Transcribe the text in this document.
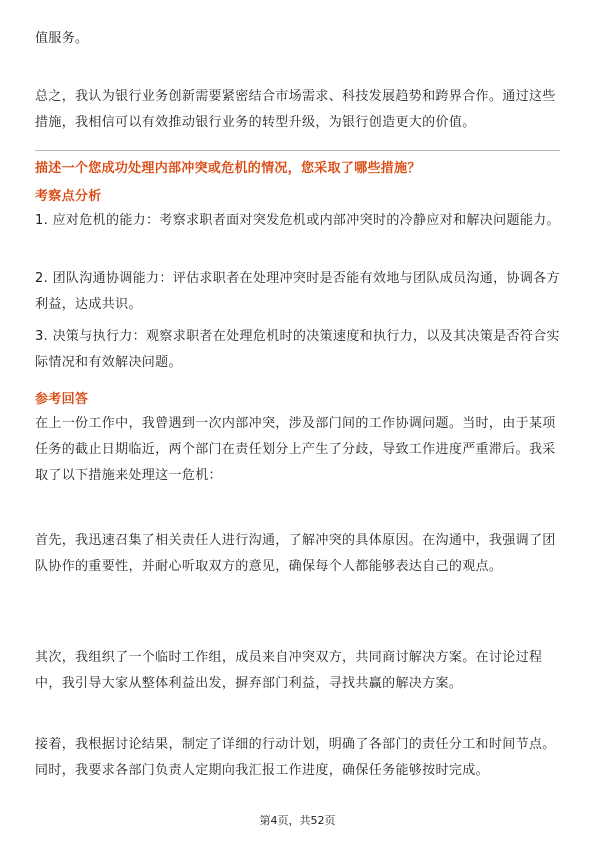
值服务。
总之，我认为银行业务创新需要紧密结合市场需求、科技发展趋势和跨界合作。通过这些措施，我相信可以有效推动银行业务的转型升级，为银行创造更大的价值。
描述一个您成功处理内部冲突或危机的情况，您采取了哪些措施？
考察点分析
1. 应对危机的能力：考察求职者面对突发危机或内部冲突时的冷静应对和解决问题能力。
2. 团队沟通协调能力：评估求职者在处理冲突时是否能有效地与团队成员沟通，协调各方利益，达成共识。
3. 决策与执行力：观察求职者在处理危机时的决策速度和执行力，以及其决策是否符合实际情况和有效解决问题。
参考回答
在上一份工作中，我曾遇到一次内部冲突，涉及部门间的工作协调问题。当时，由于某项任务的截止日期临近，两个部门在责任划分上产生了分歧，导致工作进度严重滞后。我采取了以下措施来处理这一危机：
首先，我迅速召集了相关责任人进行沟通，了解冲突的具体原因。在沟通中，我强调了团队协作的重要性，并耐心听取双方的意见，确保每个人都能够表达自己的观点。
其次，我组织了一个临时工作组，成员来自冲突双方，共同商讨解决方案。在讨论过程中，我引导大家从整体利益出发，摒弃部门利益，寻找共赢的解决方案。
接着，我根据讨论结果，制定了详细的行动计划，明确了各部门的责任分工和时间节点。同时，我要求各部门负责人定期向我汇报工作进度，确保任务能够按时完成。
第4页，共52页
